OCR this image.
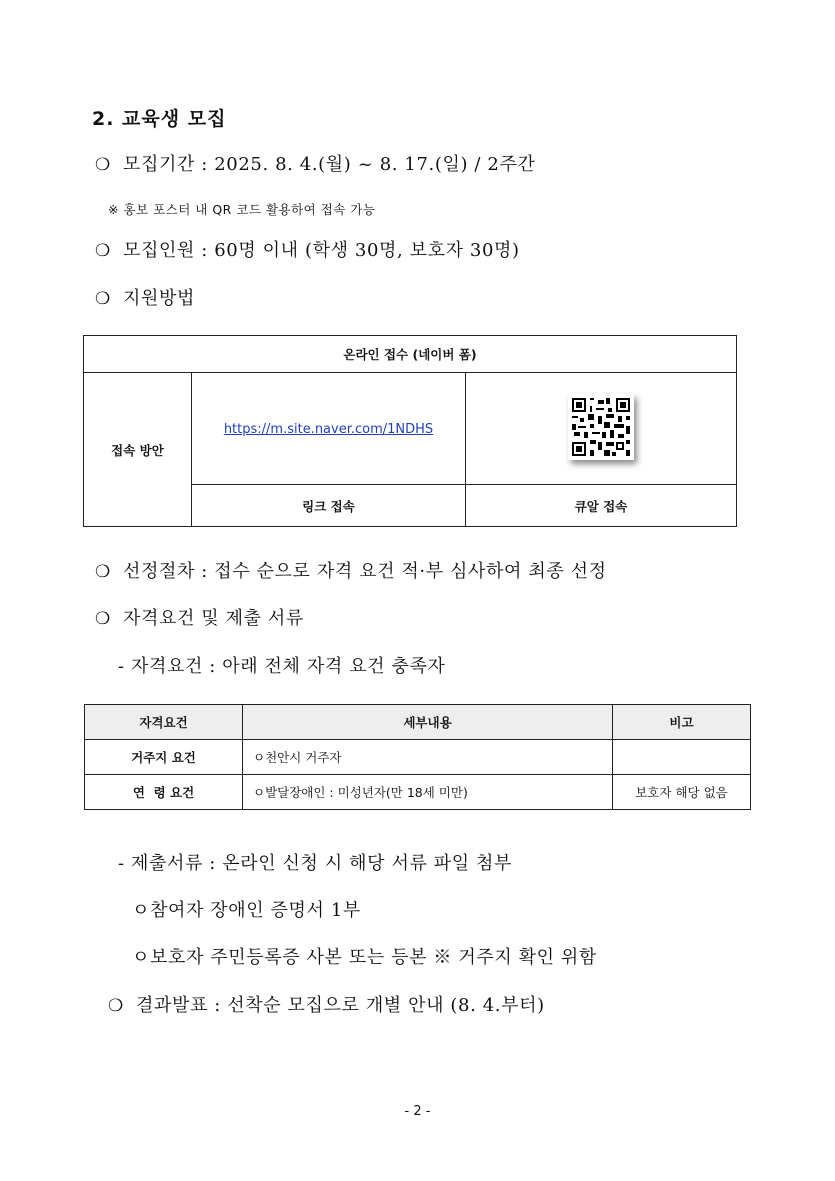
2. 교육생 모집
❍ 모집기간 : 2025. 8. 4.(월) ~ 8. 17.(일) / 2주간
※ 홍보 포스터 내 QR 코드 활용하여 접속 가능
❍ 모집인원 : 60명 이내 (학생 30명, 보호자 30명)
❍ 지원방법
온라인 접수 (네이버 폼)		
접속 방안	https://m.site.naver.com/1NDHS	
	링크 접속	큐알 접속
❍ 선정절차 : 접수 순으로 자격 요건 적·부 심사하여 최종 선정
❍ 자격요건 및 제출 서류
- 자격요건 : 아래 전체 자격 요건 충족자
자격요건	세부내용	비고
거주지 요건	ㅇ천안시 거주자	
연  령 요건	ㅇ발달장애인 : 미성년자(만 18세 미만)	보호자 해당 없음
- 제출서류 : 온라인 신청 시 해당 서류 파일 첨부
ㅇ참여자 장애인 증명서 1부
ㅇ보호자 주민등록증 사본 또는 등본 ※ 거주지 확인 위함
❍ 결과발표 : 선착순 모집으로 개별 안내 (8. 4.부터)
- 2 -
